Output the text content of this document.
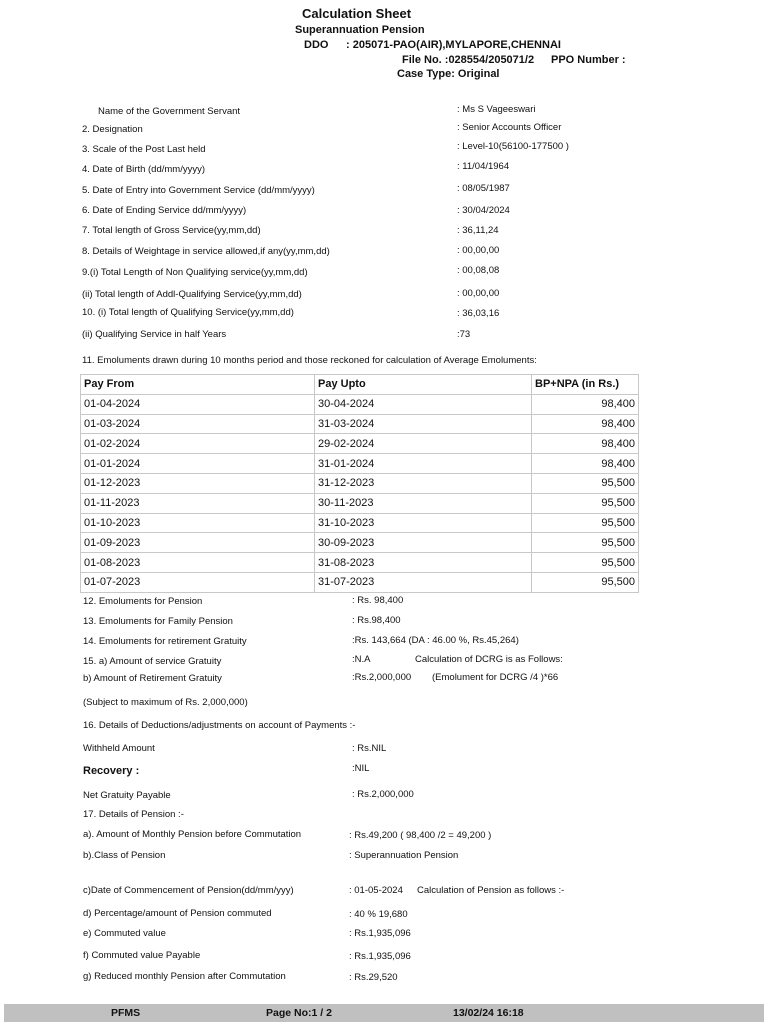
Calculation Sheet
Superannuation Pension
DDO : 205071-PAO(AIR),MYLAPORE,CHENNAI
File No. :028554/205071/2 PPO Number :
Case Type: Original
Name of the Government Servant	: Ms S Vageeswari
2. Designation	: Senior Accounts Officer
3. Scale of the Post Last held	: Level-10(56100-177500 )
4. Date of Birth (dd/mm/yyyy)	: 11/04/1964
5. Date of Entry into Government Service (dd/mm/yyyy)	: 08/05/1987
6. Date of Ending Service dd/mm/yyyy)	: 30/04/2024
7. Total length of Gross Service(yy,mm,dd)	: 36,11,24
8. Details of Weightage in service allowed,if any(yy,mm,dd)	: 00,00,00
9.(i) Total Length of Non Qualifying service(yy,mm,dd)	: 00,08,08
(ii) Total length of Addl-Qualifying Service(yy,mm,dd)	: 00,00,00
10. (i) Total length of Qualifying Service(yy,mm,dd)	: 36,03,16
(ii) Qualifying Service in half Years	:73
11. Emoluments drawn during 10 months period and those reckoned for calculation of Average Emoluments:
Pay From	Pay Upto	BP+NPA (in Rs.)
01-04-2024	30-04-2024	98,400
01-03-2024	31-03-2024	98,400
01-02-2024	29-02-2024	98,400
01-01-2024	31-01-2024	98,400
01-12-2023	31-12-2023	95,500
01-11-2023	30-11-2023	95,500
01-10-2023	31-10-2023	95,500
01-09-2023	30-09-2023	95,500
01-08-2023	31-08-2023	95,500
01-07-2023	31-07-2023	95,500
12. Emoluments for Pension	: Rs. 98,400
13. Emoluments for Family Pension	: Rs.98,400
14. Emoluments for retirement Gratuity	:Rs. 143,664 (DA : 46.00 %, Rs.45,264)
15. a) Amount of service Gratuity	:N.A	Calculation of DCRG is as Follows:
b) Amount of Retirement Gratuity	:Rs.2,000,000 (Emolument for DCRG /4 )*66
(Subject to maximum of Rs. 2,000,000)
16. Details of Deductions/adjustments on account of Payments :-
Withheld Amount	: Rs.NIL
Recovery :	:NIL
Net Gratuity Payable	: Rs.2,000,000
17. Details of Pension :-
a). Amount of Monthly Pension before Commutation	: Rs.49,200 ( 98,400 /2 = 49,200 )
b).Class of Pension	: Superannuation Pension
c)Date of Commencement of Pension(dd/mm/yyy)	: 01-05-2024 Calculation of Pension as follows :-
d) Percentage/amount of Pension commuted	: 40 % 19,680
e) Commuted value	: Rs.1,935,096
f) Commuted value Payable	: Rs.1,935,096
g) Reduced monthly Pension after Commutation	: Rs.29,520
PFMS	Page No:1 / 2	13/02/24 16:18
